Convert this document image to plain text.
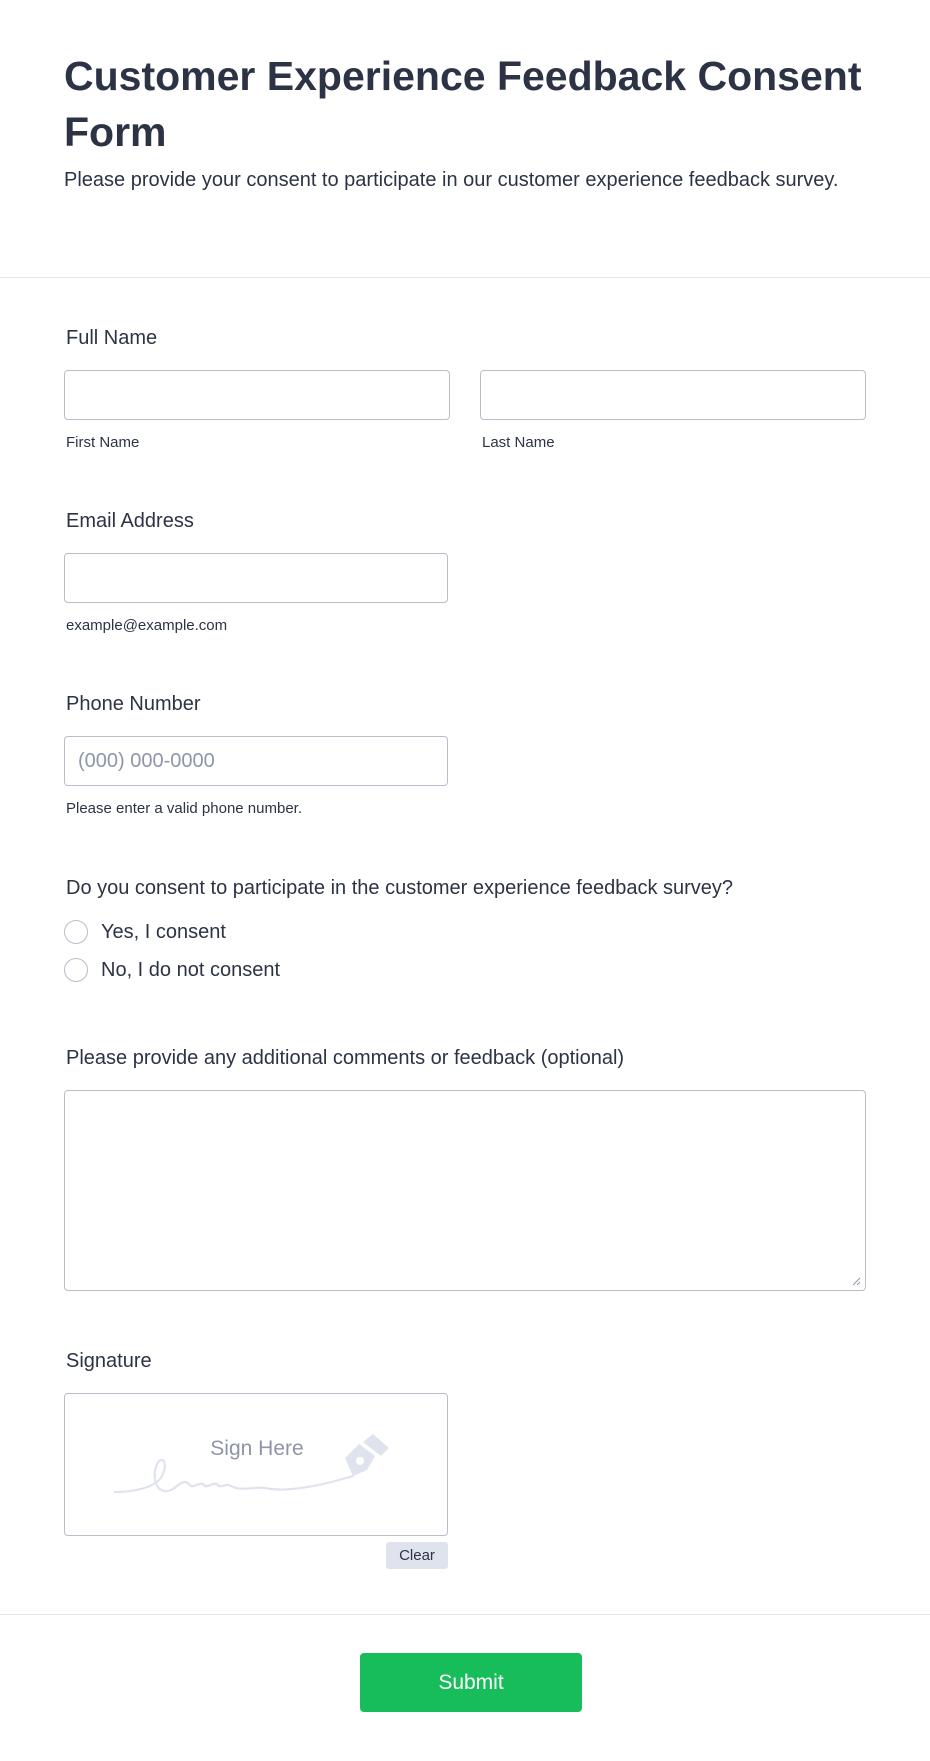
Customer Experience Feedback Consent Form

Please provide your consent to participate in our customer experience feedback survey.

Full Name
First Name	Last Name
Email Address
example@example.com
Phone Number
(000) 000-0000
Please enter a valid phone number.
Do you consent to participate in the customer experience feedback survey?
Yes, I consent
No, I do not consent
Please provide any additional comments or feedback (optional)
Signature
Sign Here
Clear
Submit
